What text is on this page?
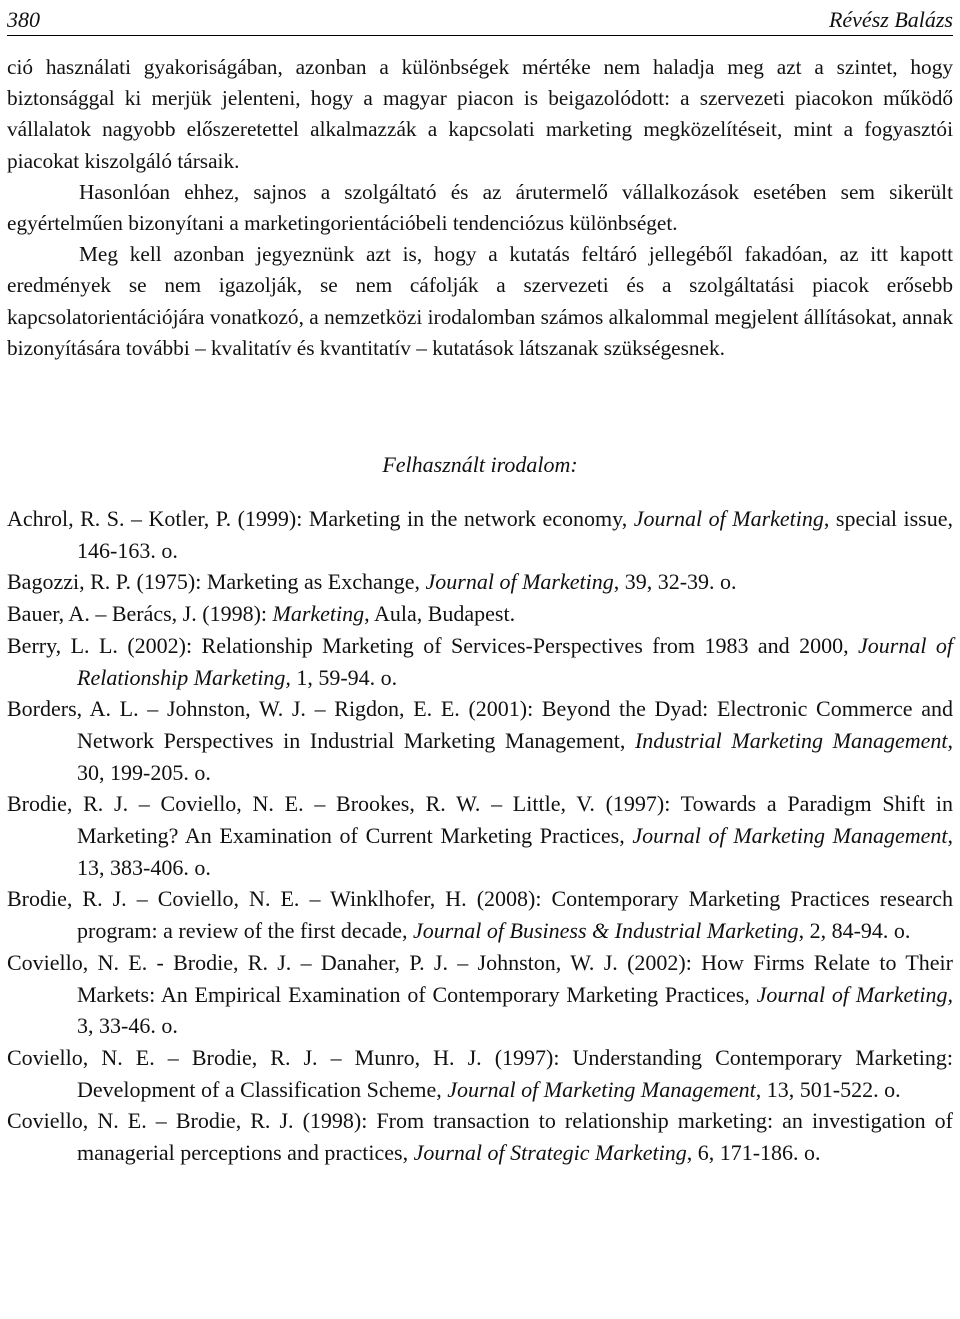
380	Révész Balázs

ció használati gyakoriságában, azonban a különbségek mértéke nem haladja meg azt a szintet, hogy biztonsággal ki merjük jelenteni, hogy a magyar piacon is beigazolódott: a szervezeti piacokon működő vállalatok nagyobb előszeretettel alkalmazzák a kapcsolati marketing megközelítéseit, mint a fogyasztói piacokat kiszolgáló társaik.

Hasonlóan ehhez, sajnos a szolgáltató és az árutermelő vállalkozások esetében sem sikerült egyértelműen bizonyítani a marketingorientációbeli tendenciózus különbséget.

Meg kell azonban jegyeznünk azt is, hogy a kutatás feltáró jellegéből fakadóan, az itt kapott eredmények se nem igazolják, se nem cáfolják a szervezeti és a szolgáltatási piacok erősebb kapcsolatorientációjára vonatkozó, a nemzetközi irodalomban számos alkalommal megjelent állításokat, annak bizonyítására további – kvalitatív és kvantitatív – kutatások látszanak szükségesnek.

Felhasznált irodalom:
Achrol, R. S. – Kotler, P. (1999): Marketing in the network economy, Journal of Marketing, special issue, 146-163. o.
Bagozzi, R. P. (1975): Marketing as Exchange, Journal of Marketing, 39, 32-39. o.
Bauer, A. – Berács, J. (1998): Marketing, Aula, Budapest.
Berry, L. L. (2002): Relationship Marketing of Services-Perspectives from 1983 and 2000, Journal of Relationship Marketing, 1, 59-94. o.
Borders, A. L. – Johnston, W. J. – Rigdon, E. E. (2001): Beyond the Dyad: Electronic Commerce and Network Perspectives in Industrial Marketing Management, Industrial Marketing Management, 30, 199-205. o.
Brodie, R. J. – Coviello, N. E. – Brookes, R. W. – Little, V. (1997): Towards a Paradigm Shift in Marketing? An Examination of Current Marketing Practices, Journal of Marketing Management, 13, 383-406. o.
Brodie, R. J. – Coviello, N. E. – Winklhofer, H. (2008): Contemporary Marketing Practices research program: a review of the first decade, Journal of Business & Industrial Marketing, 2, 84-94. o.
Coviello, N. E. - Brodie, R. J. – Danaher, P. J. – Johnston, W. J. (2002): How Firms Relate to Their Markets: An Empirical Examination of Contemporary Marketing Practices, Journal of Marketing, 3, 33-46. o.
Coviello, N. E. – Brodie, R. J. – Munro, H. J. (1997): Understanding Contemporary Marketing: Development of a Classification Scheme, Journal of Marketing Management, 13, 501-522. o.
Coviello, N. E. – Brodie, R. J. (1998): From transaction to relationship marketing: an investigation of managerial perceptions and practices, Journal of Strategic Marketing, 6, 171-186. o.
